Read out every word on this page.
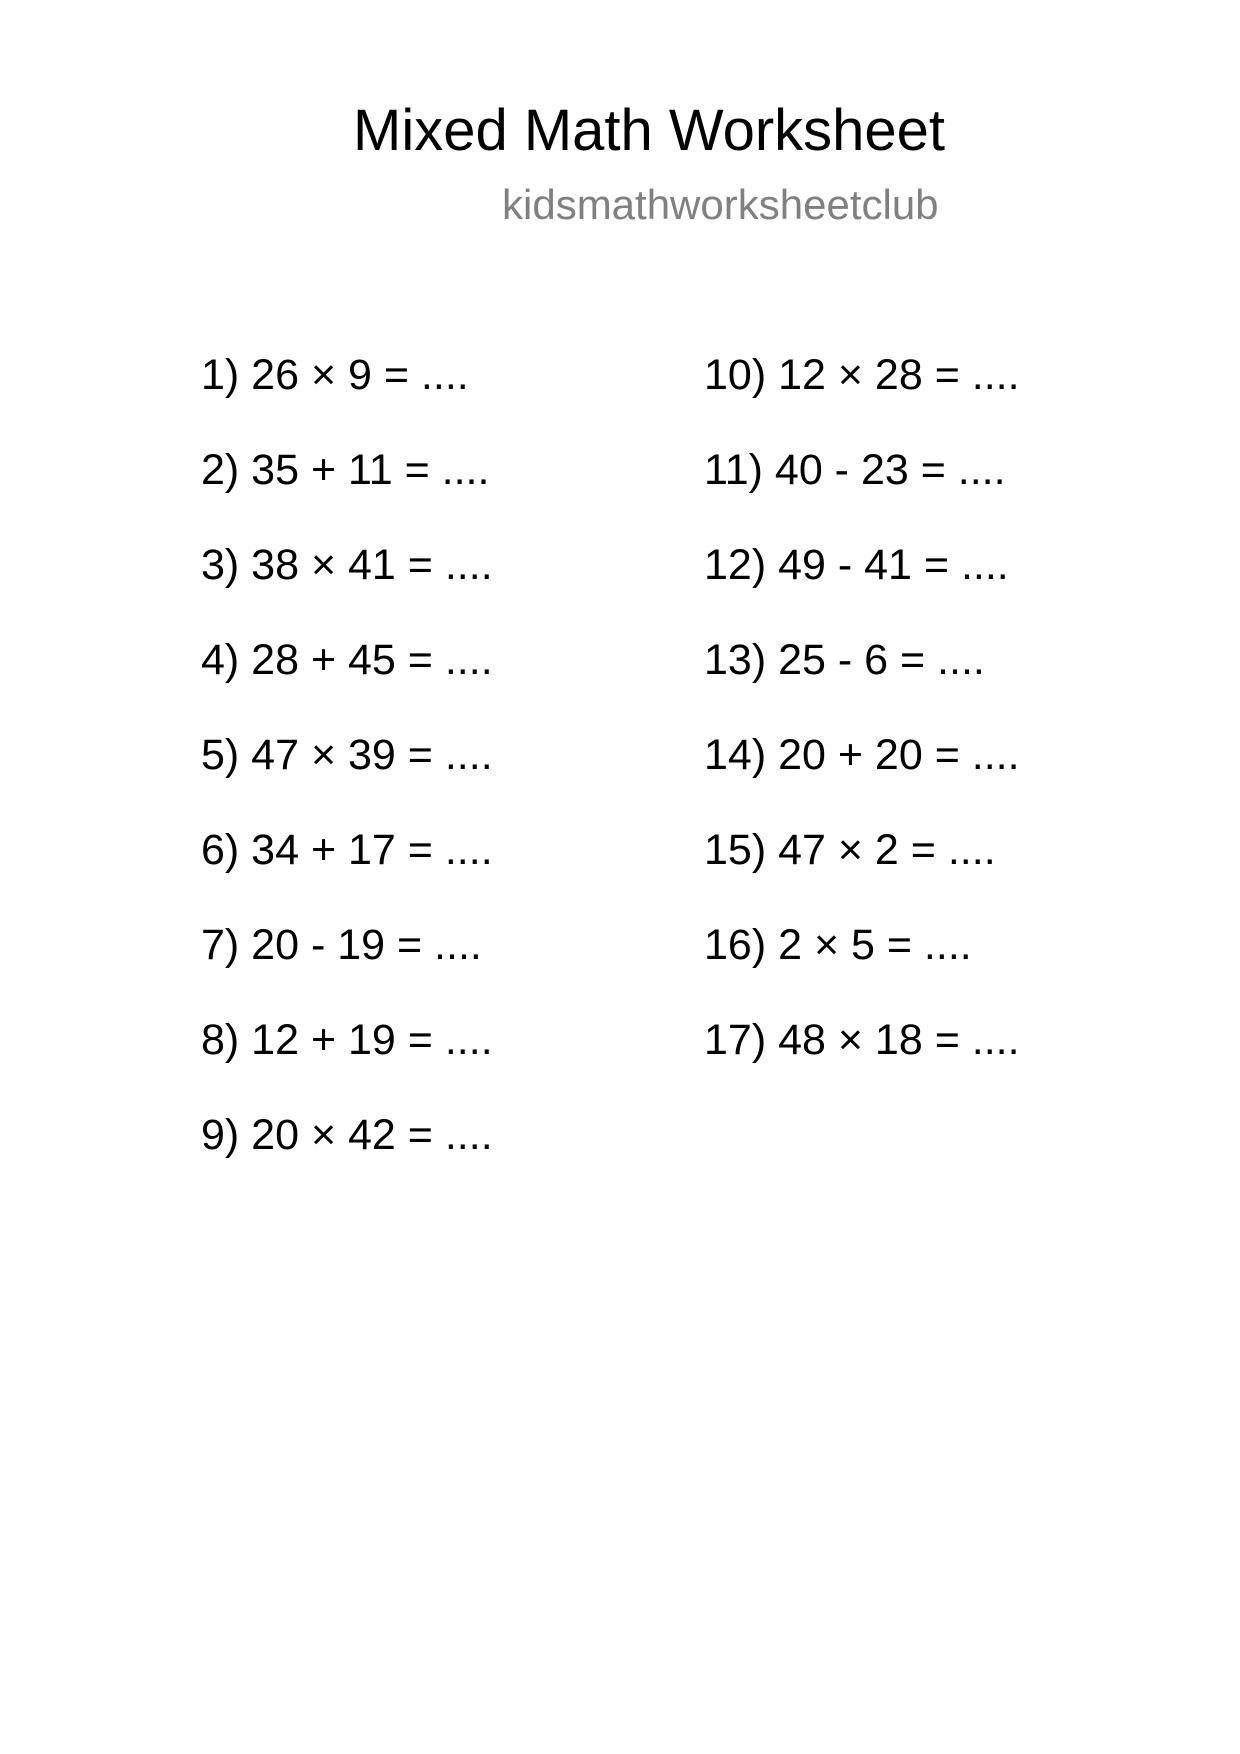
Mixed Math Worksheet

kidsmathworksheetclub

1) 26 × 9 = ....
2) 35 + 11 = ....
3) 38 × 41 = ....
4) 28 + 45 = ....
5) 47 × 39 = ....
6) 34 + 17 = ....
7) 20 - 19 = ....
8) 12 + 19 = ....
9) 20 × 42 = ....
10) 12 × 28 = ....
11) 40 - 23 = ....
12) 49 - 41 = ....
13) 25 - 6 = ....
14) 20 + 20 = ....
15) 47 × 2 = ....
16) 2 × 5 = ....
17) 48 × 18 = ....
